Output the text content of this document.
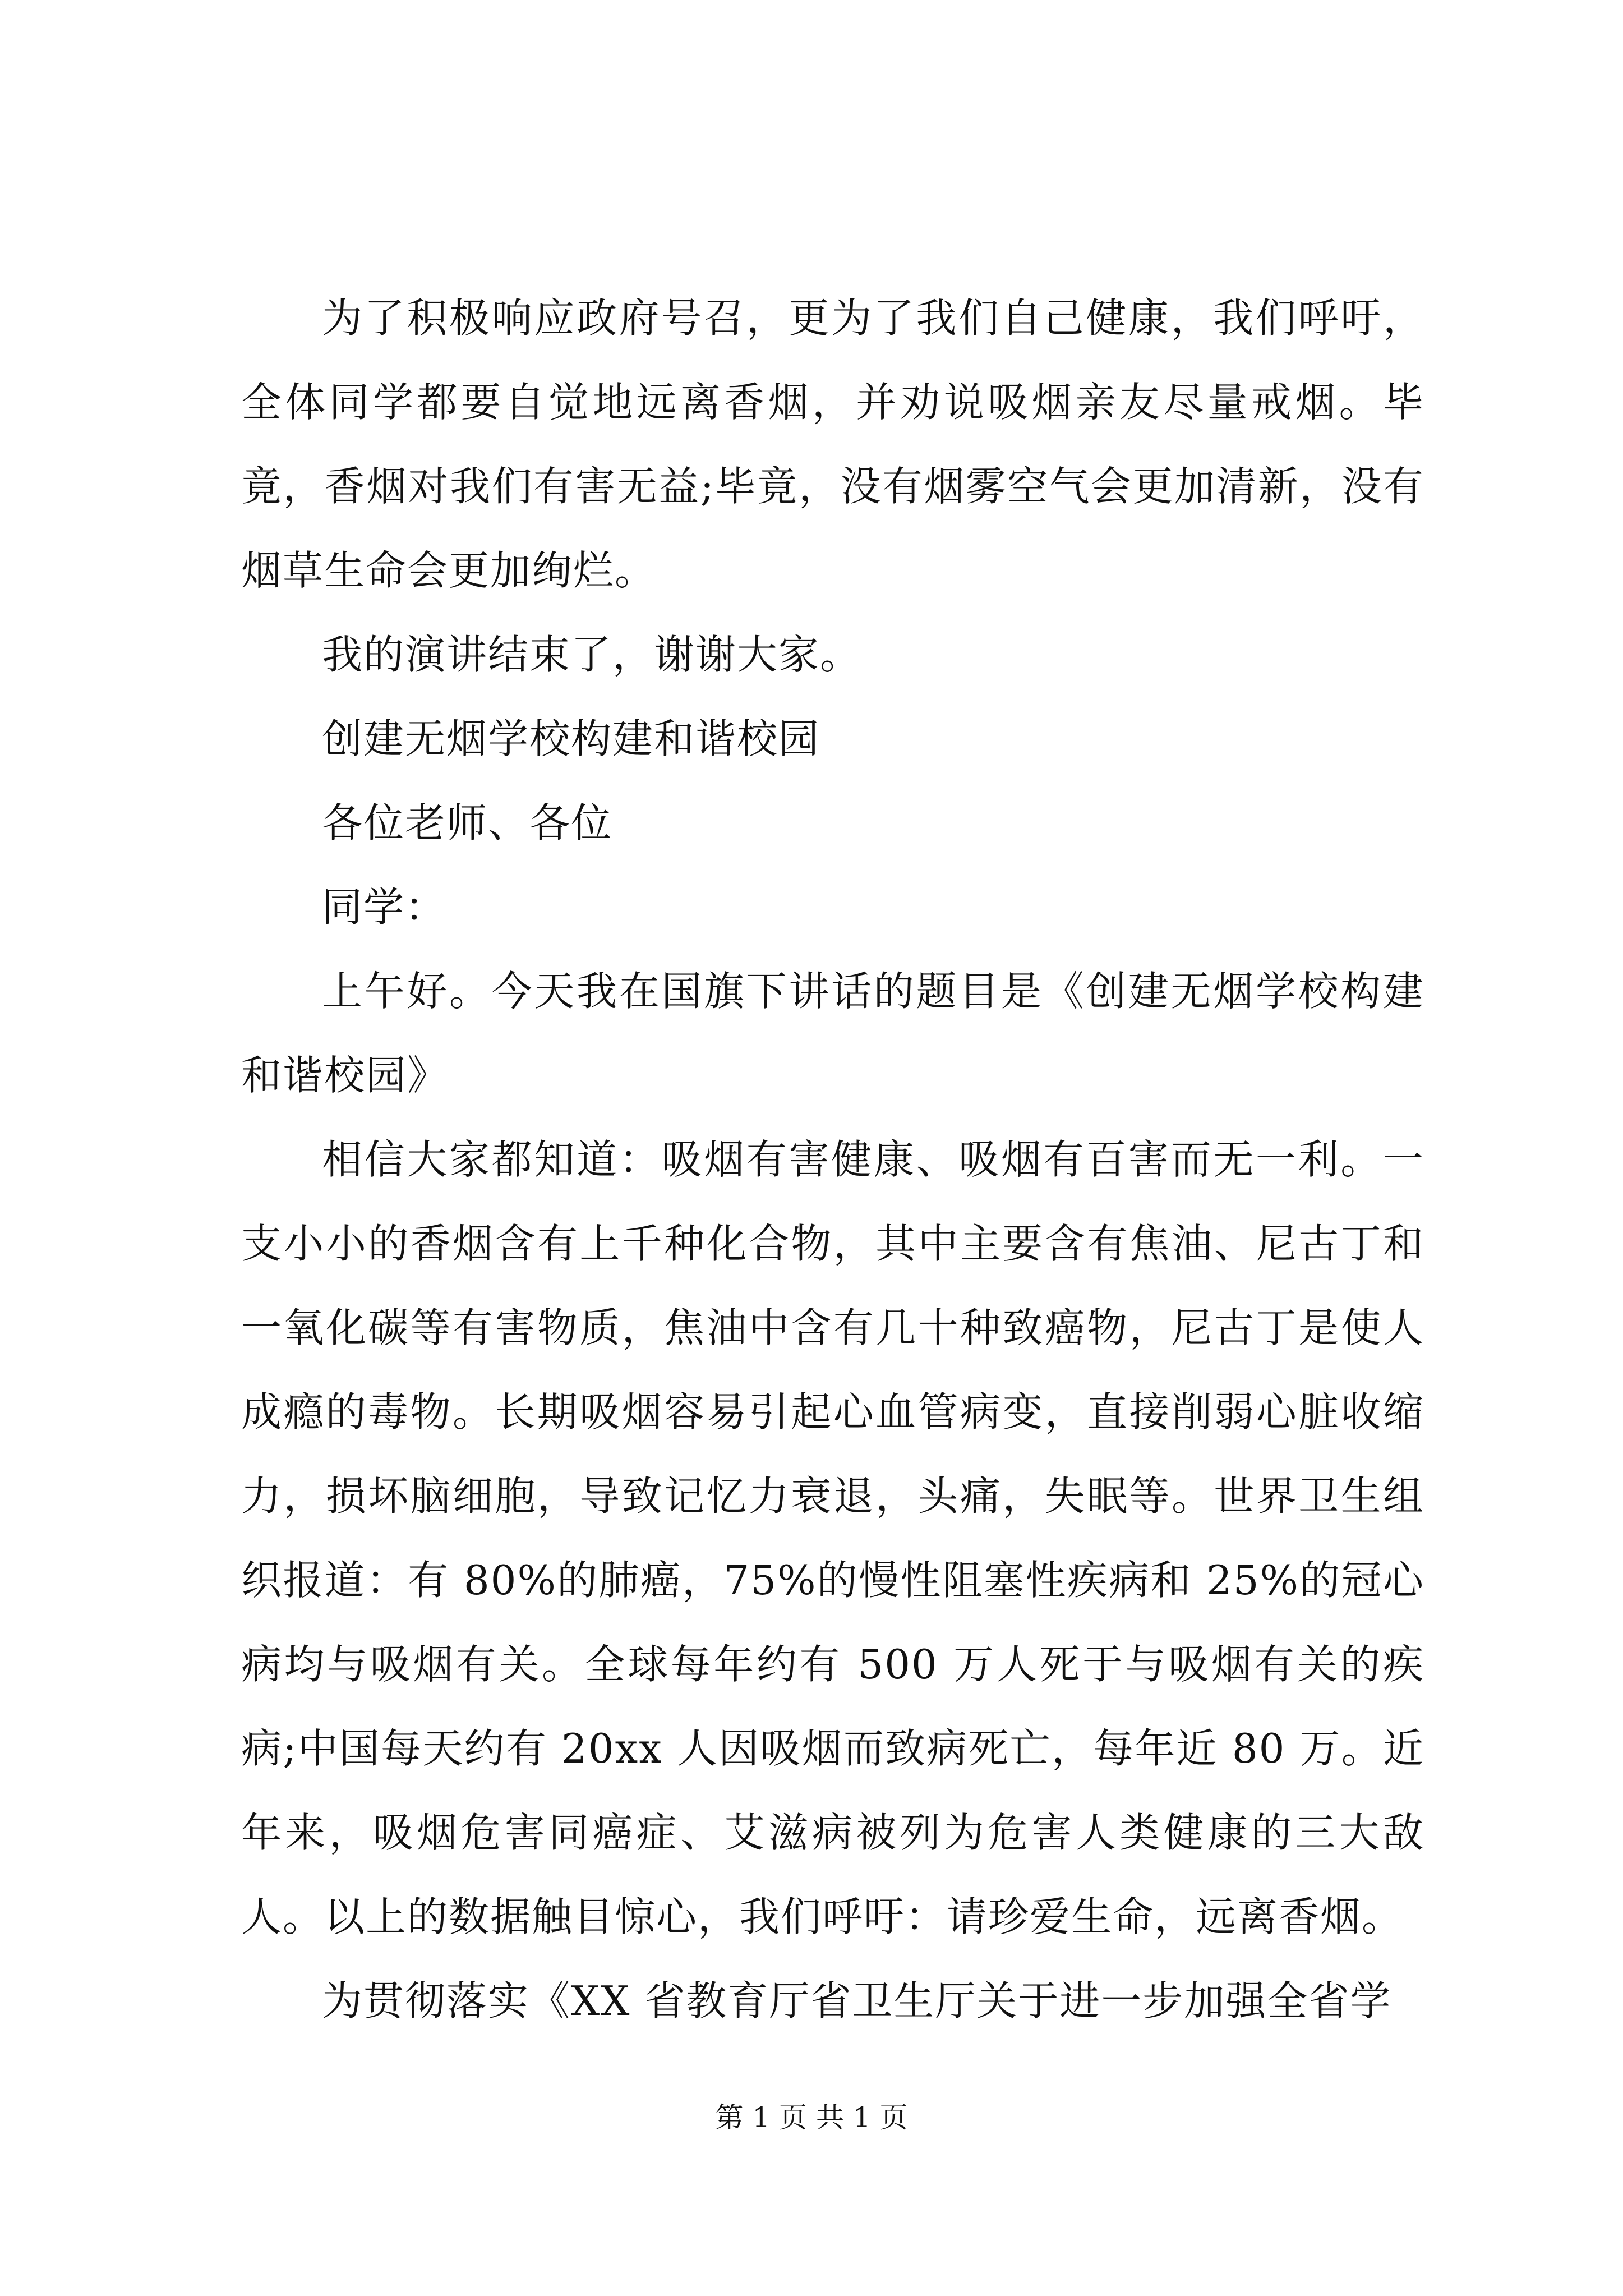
为了积极响应政府号召，更为了我们自己健康，我们呼吁，全体同学都要自觉地远离香烟，并劝说吸烟亲友尽量戒烟。毕竟，香烟对我们有害无益;毕竟，没有烟雾空气会更加清新，没有烟草生命会更加绚烂。

我的演讲结束了，谢谢大家。

创建无烟学校构建和谐校园

各位老师、各位

同学：

上午好。今天我在国旗下讲话的题目是《创建无烟学校构建和谐校园》

相信大家都知道：吸烟有害健康、吸烟有百害而无一利。一支小小的香烟含有上千种化合物，其中主要含有焦油、尼古丁和一氧化碳等有害物质，焦油中含有几十种致癌物，尼古丁是使人成瘾的毒物。长期吸烟容易引起心血管病变，直接削弱心脏收缩力，损坏脑细胞，导致记忆力衰退，头痛，失眠等。世界卫生组织报道：有 80%的肺癌，75%的慢性阻塞性疾病和 25%的冠心病均与吸烟有关。全球每年约有 500 万人死于与吸烟有关的疾病;中国每天约有 20xx 人因吸烟而致病死亡，每年近 80 万。近年来，吸烟危害同癌症、艾滋病被列为危害人类健康的三大敌人。以上的数据触目惊心，我们呼吁：请珍爱生命，远离香烟。

为贯彻落实《XX 省教育厅省卫生厅关于进一步加强全省学

第 1 页 共 1 页
